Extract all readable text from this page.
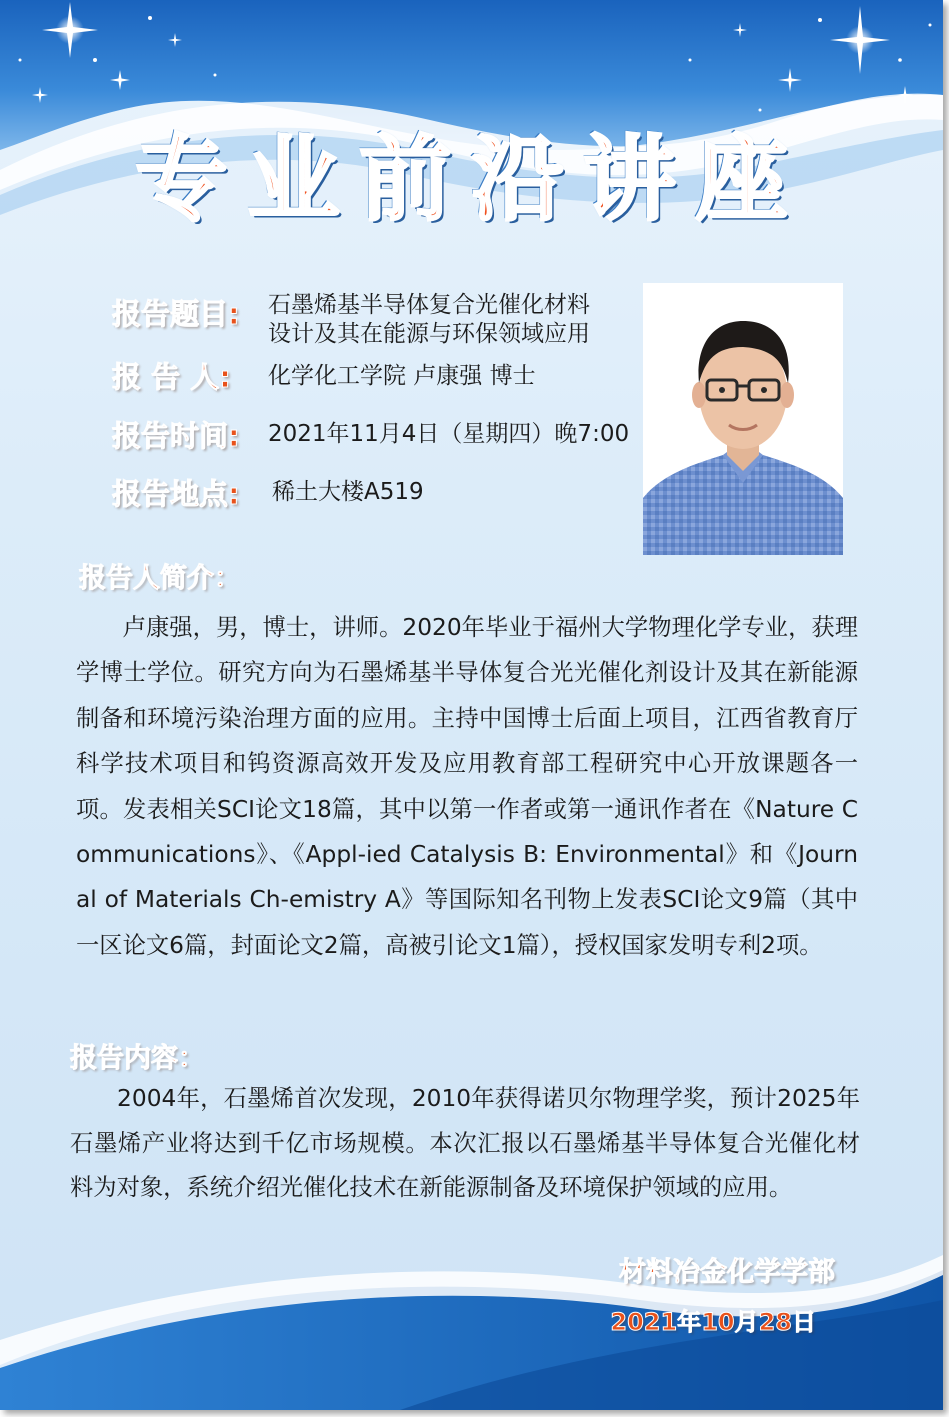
专业前沿讲座
报告题目: 石墨烯基半导体复合光催化材料
设计及其在能源与环保领域应用
报 告 人: 化学化工学院 卢康强 博士
报告时间: 2021年11月4日（星期四）晚7:00
报告地点: 稀土大楼A519
报告人简介：
　　卢康强，男，博士，讲师。2020年毕业于福州大学物理化学专业，获理学博士学位。研究方向为石墨烯基半导体复合光光催化剂设计及其在新能源制备和环境污染治理方面的应用。主持中国博士后面上项目，江西省教育厅科学技术项目和钨资源高效开发及应用教育部工程研究中心开放课题各一项。发表相关SCI论文18篇，其中以第一作者或第一通讯作者在《Nature Communications》、《Appl-ied Catalysis B: Environmental》和《Journal of Materials Ch-emistry A》等国际知名刊物上发表SCI论文9篇（其中一区论文6篇，封面论文2篇，高被引论文1篇），授权国家发明专利2项。
报告内容：
　　2004年，石墨烯首次发现，2010年获得诺贝尔物理学奖，预计2025年石墨烯产业将达到千亿市场规模。本次汇报以石墨烯基半导体复合光催化材料为对象，系统介绍光催化技术在新能源制备及环境保护领域的应用。
材料冶金化学学部
2021年10月28日
